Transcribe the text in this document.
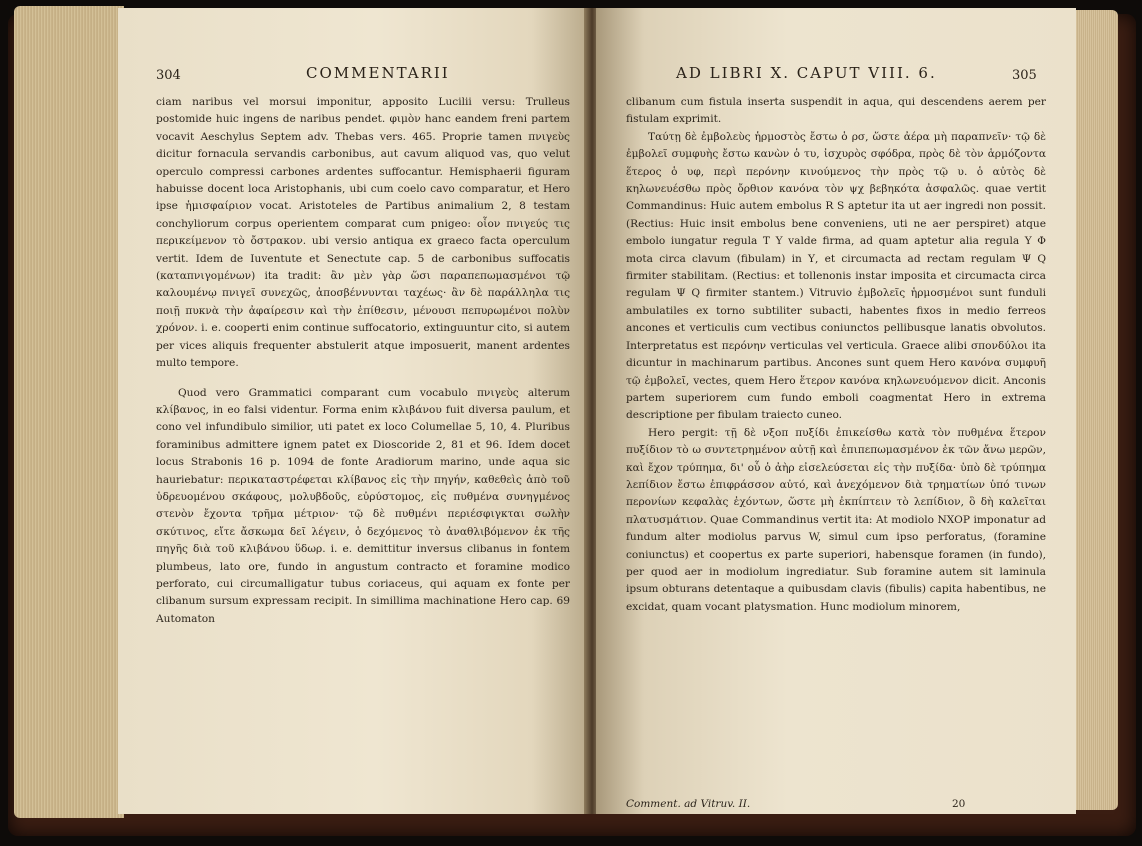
304	COMMENTARII

ciam naribus vel morsui imponitur, apposito Lucilii versu: Trulleus postomide huic ingens de naribus pendet. φιμὸν hanc eandem freni partem vocavit Aeschylus Septem adv. Thebas vers. 465. Proprie tamen πνιγεὺς dicitur fornacula servandis carbonibus, aut cavum aliquod vas, quo velut operculo compressi carbones ardentes suffocantur. Hemisphaerii figuram habuisse docent loca Aristophanis, ubi cum coelo cavo comparatur, et Hero ipse ἡμισφαίριον vocat. Aristoteles de Partibus animalium 2, 8 testam conchyliorum corpus operientem comparat cum pnigeo: οἷον πνιγεύς τις περικείμενον τὸ ὄστρακον. ubi versio antiqua ex graeco facta operculum vertit. Idem de Iuventute et Senectute cap. 5 de carbonibus suffocatis (καταπνιγομένων) ita tradit: ἂν μὲν γὰρ ὥσι παραπεπωμασμένοι τῷ καλουμένῳ πνιγεῖ συνεχῶς, ἀποσβέννυνται ταχέως· ἂν δὲ παράλληλα τις ποιῇ πυκνὰ τὴν ἀφαίρεσιν καὶ τὴν ἐπίθεσιν, μένουσι πεπυρωμένοι πολὺν χρόνον. i. e. cooperti enim continue suffocatorio, extinguuntur cito, si autem per vices aliquis frequenter abstulerit atque imposuerit, manent ardentes multo tempore.

Quod vero Grammatici comparant cum vocabulo πνιγεὺς alterum κλίβανος, in eo falsi videntur. Forma enim κλιβάνου fuit diversa paulum, et cono vel infundibulo similior, uti patet ex loco Columellae 5, 10, 4. Pluribus foraminibus admittere ignem patet ex Dioscoride 2, 81 et 96. Idem docet locus Strabonis 16 p. 1094 de fonte Aradiorum marino, unde aqua sic hauriebatur: περικαταστρέφεται κλίβανος εἰς τὴν πηγήν, καθεθεὶς ἀπὸ τοῦ ὑδρευομένου σκάφους, μολυβδοῦς, εὐρύστομος, εἰς πυθμένα συνηγμένος στενὸν ἔχοντα τρῆμα μέτριον· τῷ δὲ πυθμένι περιέσφιγκται σωλὴν σκύτινος, εἴτε ἄσκωμα δεῖ λέγειν, ὁ δεχόμενος τὸ ἀναθλιβόμενον ἐκ τῆς πηγῆς διὰ τοῦ κλιβάνου ὕδωρ. i. e. demittitur inversus clibanus in fontem plumbeus, lato ore, fundo in angustum contracto et foramine modico perforato, cui circumalligatur tubus coriaceus, qui aquam ex fonte per clibanum sursum expressam recipit. In simillima machinatione Hero cap. 69 Automaton

AD LIBRI X. CAPUT VIII. 6.	305

clibanum cum fistula inserta suspendit in aqua, qui descendens aerem per fistulam exprimit.

Ταύτῃ δὲ ἐμβολεὺς ἡρμοστὸς ἔστω ὁ ρσ, ὥστε ἀέρα μὴ παραπνεῖν· τῷ δὲ ἐμβολεῖ συμφυὴς ἔστω κανὼν ὁ τυ, ἰσχυρὸς σφόδρα, πρὸς δὲ τὸν ἁρμόζοντα ἕτερος ὁ υφ, περὶ περόνην κινούμενος τὴν πρὸς τῷ υ. ὁ αὐτὸς δὲ κηλωνευέσθω πρὸς ὄρθιον κανόνα τὸν ψχ βεβηκότα ἀσφαλῶς. quae vertit Commandinus: Huic autem embolus R S aptetur ita ut aer ingredi non possit. (Rectius: Huic insit embolus bene conveniens, uti ne aer perspiret) atque embolo iungatur regula T Y valde firma, ad quam aptetur alia regula Υ Φ mota circa clavum (fibulam) in Υ, et circumacta ad rectam regulam Ψ Q firmiter stabilitam. (Rectius: et tollenonis instar imposita et circumacta circa regulam Ψ Q firmiter stantem.) Vitruvio ἐμβολεῖς ἡρμοσμένοι sunt funduli ambulatiles ex torno subtiliter subacti, habentes fixos in medio ferreos ancones et verticulis cum vectibus coniunctos pellibusque lanatis obvolutos. Interpretatus est περόνην verticulas vel verticula. Graece alibi σπονδύλοι ita dicuntur in machinarum partibus. Ancones sunt quem Hero κανόνα συμφυῆ τῷ ἐμβολεῖ, vectes, quem Hero ἕτερον κανόνα κηλωνευόμενον dicit. Anconis partem superiorem cum fundo emboli coagmentat Hero in extrema descriptione per fibulam traiecto cuneo.

Hero pergit: τῇ δὲ νξοπ πυξίδι ἐπικείσθω κατὰ τὸν πυθμένα ἕτερον πυξίδιον τὸ ω συντετρημένον αὐτῇ καὶ ἐπιπεπωμασμένον ἐκ τῶν ἄνω μερῶν, καὶ ἔχον τρύπημα, δι' οὗ ὁ ἀὴρ εἰσελεύσεται εἰς τὴν πυξίδα· ὑπὸ δὲ τρύπημα λεπίδιον ἔστω ἐπιφράσσον αὐτό, καὶ ἀνεχόμενον διὰ τρηματίων ὑπό τινων περονίων κεφαλὰς ἐχόντων, ὥστε μὴ ἐκπίπτειν τὸ λεπίδιον, ὃ δὴ καλεῖται πλατυσμάτιον. Quae Commandinus vertit ita: At modiolo NXOP imponatur ad fundum alter modiolus parvus W, simul cum ipso perforatus, (foramine coniunctus) et coopertus ex parte superiori, habensque foramen (in fundo), per quod aer in modiolum ingrediatur. Sub foramine autem sit laminula ipsum obturans detentaque a quibusdam clavis (fibulis) capita habentibus, ne excidat, quam vocant platysmation. Hunc modiolum minorem,

Comment. ad Vitruv. II.	20
